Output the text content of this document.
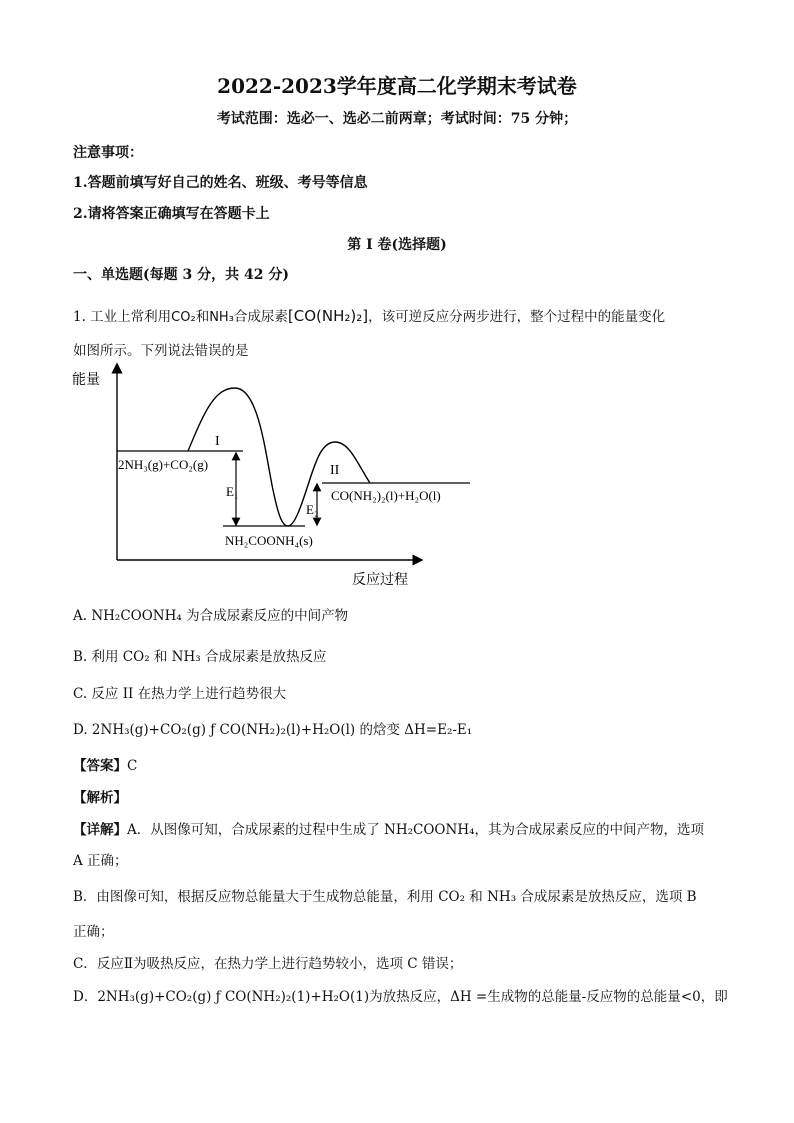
2022-2023学年度高二化学期末考试卷
考试范围：选必一、选必二前两章；考试时间：75 分钟；
注意事项：
1.答题前填写好自己的姓名、班级、考号等信息
2.请将答案正确填写在答题卡上
第 I 卷(选择题)
一、单选题(每题 3 分，共 42 分)
1. 工业上常利用CO₂和NH₃合成尿素[CO(NH₂)₂]，该可逆反应分两步进行，整个过程中的能量变化
如图所示。下列说法错误的是
能量
反应过程
I
II
2NH₃(g)+CO₂(g)
CO(NH₂)₂(l)+H₂O(l)
NH₂COONH₄(s)
E₁
E₂
A. NH₂COONH₄ 为合成尿素反应的中间产物
B. 利用 CO₂ 和 NH₃ 合成尿素是放热反应
C. 反应 II 在热力学上进行趋势很大
D. 2NH₃(g)+CO₂(g) ƒ CO(NH₂)₂(l)+H₂O(l) 的焓变 ΔH=E₂-E₁
【答案】C
【解析】
【详解】A．从图像可知，合成尿素的过程中生成了 NH₂COONH₄，其为合成尿素反应的中间产物，选项
A 正确；
B．由图像可知，根据反应物总能量大于生成物总能量，利用 CO₂ 和 NH₃ 合成尿素是放热反应，选项 B
正确；
C．反应Ⅱ为吸热反应，在热力学上进行趋势较小，选项 C 错误；
D．2NH₃(g)+CO₂(g) ƒ CO(NH₂)₂(1)+H₂O(1)为放热反应，ΔH =生成物的总能量-反应物的总能量<0，即
